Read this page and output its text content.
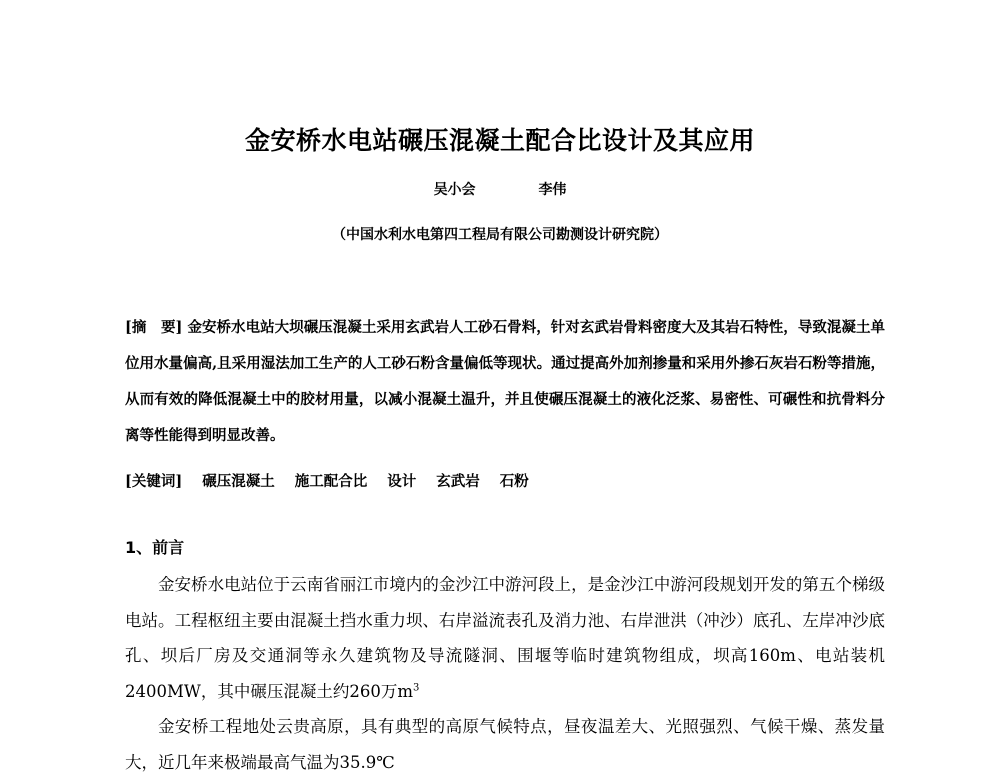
金安桥水电站碾压混凝土配合比设计及其应用
吴小会	李伟
（中国水利水电第四工程局有限公司勘测设计研究院）
[摘　要] 金安桥水电站大坝碾压混凝土采用玄武岩人工砂石骨料，针对玄武岩骨料密度大及其岩石特性，导致混凝土单位用水量偏高,且采用湿法加工生产的人工砂石粉含量偏低等现状。通过提高外加剂掺量和采用外掺石灰岩石粉等措施，从而有效的降低混凝土中的胶材用量，以减小混凝土温升，并且使碾压混凝土的液化泛浆、易密性、可碾性和抗骨料分离等性能得到明显改善。
[关键词] 碾压混凝土 施工配合比 设计 玄武岩 石粉
1、前言

金安桥水电站位于云南省丽江市境内的金沙江中游河段上，是金沙江中游河段规划开发的第五个梯级电站。工程枢纽主要由混凝土挡水重力坝、右岸溢流表孔及消力池、右岸泄洪（冲沙）底孔、左岸冲沙底孔、坝后厂房及交通洞等永久建筑物及导流隧洞、围堰等临时建筑物组成，坝高160m、电站装机2400MW，其中碾压混凝土约260万$m^3$

金安桥工程地处云贵高原，具有典型的高原气候特点，昼夜温差大、光照强烈、气候干燥、蒸发量大，近几年来极端最高气温为35.9℃
